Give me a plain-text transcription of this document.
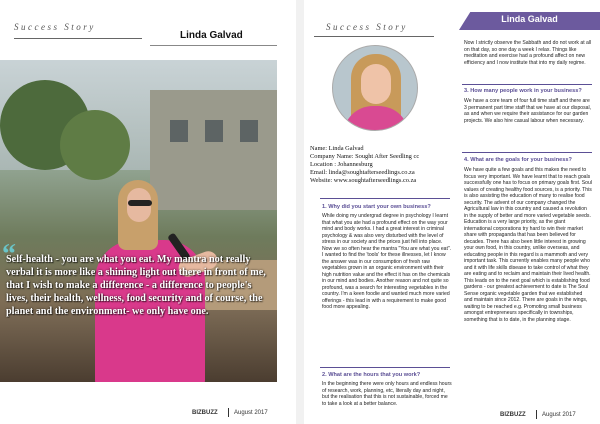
Success Story
Linda Galvad
“
Self-health - you are what you eat. My mantra not really verbal it is more like a shining light out there in front of me, that I wish to make a difference - a difference to people's lives, their health, wellness, food security and of course, the planet and the environment- we only have one.
BIZBUZZ	August 2017
Success Story
Linda Galvad
Name: Linda Galvad
Company Name: Sought After Seedling cc
Location : Johannesburg
Email: linda@soughtafterseedlings.co.za
Website: www.soughtafterseedlings.co.za
1. Why did you start your own business?
While doing my undergrad degree in psychology I learnt that what you ate had a profound effect on the way your mind and body works. I had a great interest in criminal psychology & was also very disturbed with the level of stress in our society and the prices just fell into place. Now we so often hear the mantra "You are what you eat". I wanted to find the 'tools' for these illnesses, let I know the answer was in our consumption of fresh raw vegetables grown in an organic environment with their high nutrition value and the effect it has on the chemicals in our mind and bodies. Another reason and not quite so profound, was a search for interesting vegetables in the country. I'm a keen foodie and wanted much more varied offerings - this lead in with a requirement to make good food more appealing.
2. What are the hours that you work?
In the beginning there were only hours and endless hours of research, work, planning, etc, literally day and night, but the realisation that this is not sustainable, forced me to take a look at a better balance.
Now I strictly observe the Sabbath and do not work at all on that day, so one day a week I relax. Things like meditation and exercise had a profound affect on new efficiency and I now institute that into my daily regime.
3. How many people work in your business?
We have a core team of four full time staff and there are 3 permanent part time staff that we have at our disposal, as and when we require their assistance for our garden projects. We also hire casual labour when necessary.
4. What are the goals for your business?
We have quite a few goals and this makes the need to focus very important. We have learnt that to reach goals successfully one has to focus on primary goals first. Soul values of creating healthy food sources, is a priority. This is also assisting the education of many to realise food security. The advent of our company changed the Agricultural law in this country and caused a revolution in the supply of better and more varied vegetable seeds. Education is a very large priority, as the giant international corporations try hard to win their market share with propaganda that has been believed for decades. There has also been little interest in growing your own food, in this country, unlike overseas, and educating people in this regard is a mammoth and very important task. This currently enables many people who and it with life skills disease to take control of what they are eating and to reclaim and maintain their lived health. This leads on to the next goal which is establishing food gardens - our greatest achievement to date is The Soul Sense organic vegetable garden that we established and maintain since 2012. There are goals in the wings, waiting to be reached e.g. Promoting small business amongst entrepreneurs specifically in townships, something that is to date, in the planning stage.
BIZBUZZ	August 2017
